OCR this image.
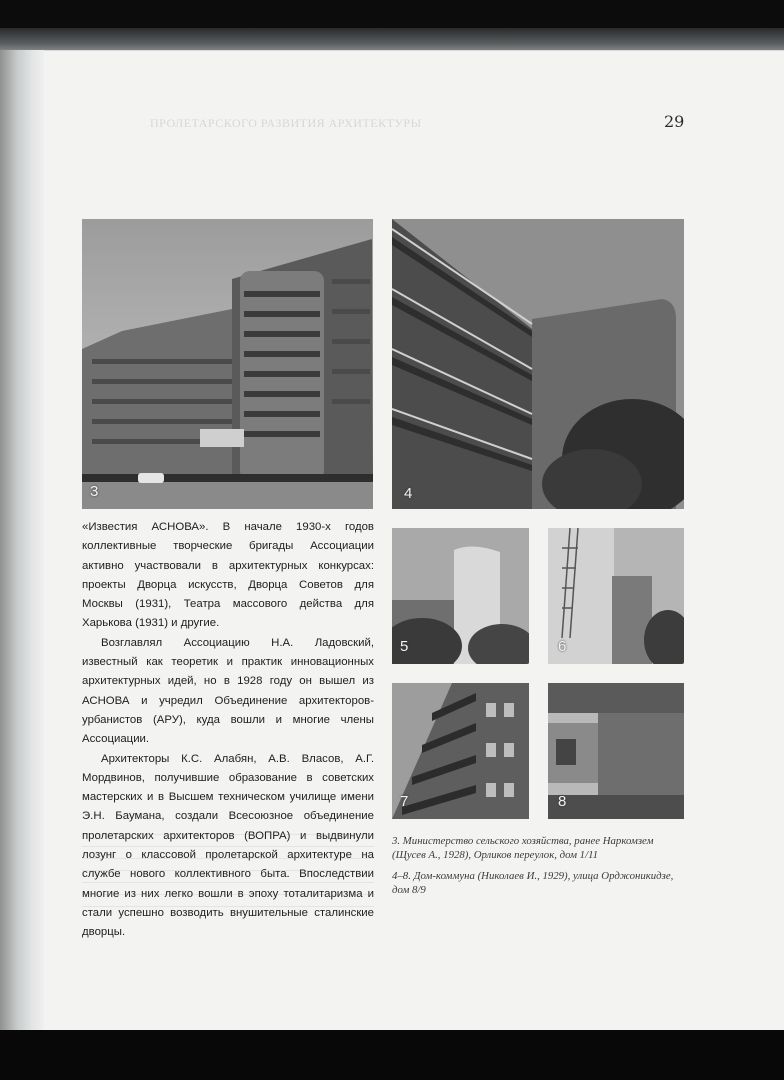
ПРОЛЕТАРСКОГО РАЗВИТИЯ АРХИТЕКТУРЫ	29
3	4
5	6
7	8

«Известия АСНОВА». В начале 1930-х годов коллективные творческие бригады Ассоциации активно участвовали в архитектурных конкурсах: проекты Дворца искусств, Дворца Советов для Москвы (1931), Театра массового действа для Харькова (1931) и другие.

Возглавлял Ассоциацию Н.А. Ладовский, известный как теоретик и практик инновационных архитектурных идей, но в 1928 году он вышел из АСНОВА и учредил Объединение архитекторов-урбанистов (АРУ), куда вошли и многие члены Ассоциации.

Архитекторы К.С. Алабян, А.В. Власов, А.Г. Мордвинов, получившие образование в советских мастерских и в Высшем техническом училище имени Э.Н. Баумана, создали Всесоюзное объединение пролетарских архитекторов (ВОПРА) и выдвинули лозунг о классовой пролетарской архитектуре на службе нового коллективного быта. Впоследствии многие из них легко вошли в эпоху тоталитаризма и стали успешно возводить внушительные сталинские дворцы.

3. Министерство сельского хозяйства, ранее Наркомзем (Щусев А., 1928), Орликов переулок, дом 1/11
4–8. Дом-коммуна (Николаев И., 1929), улица Орджоникидзе, дом 8/9
